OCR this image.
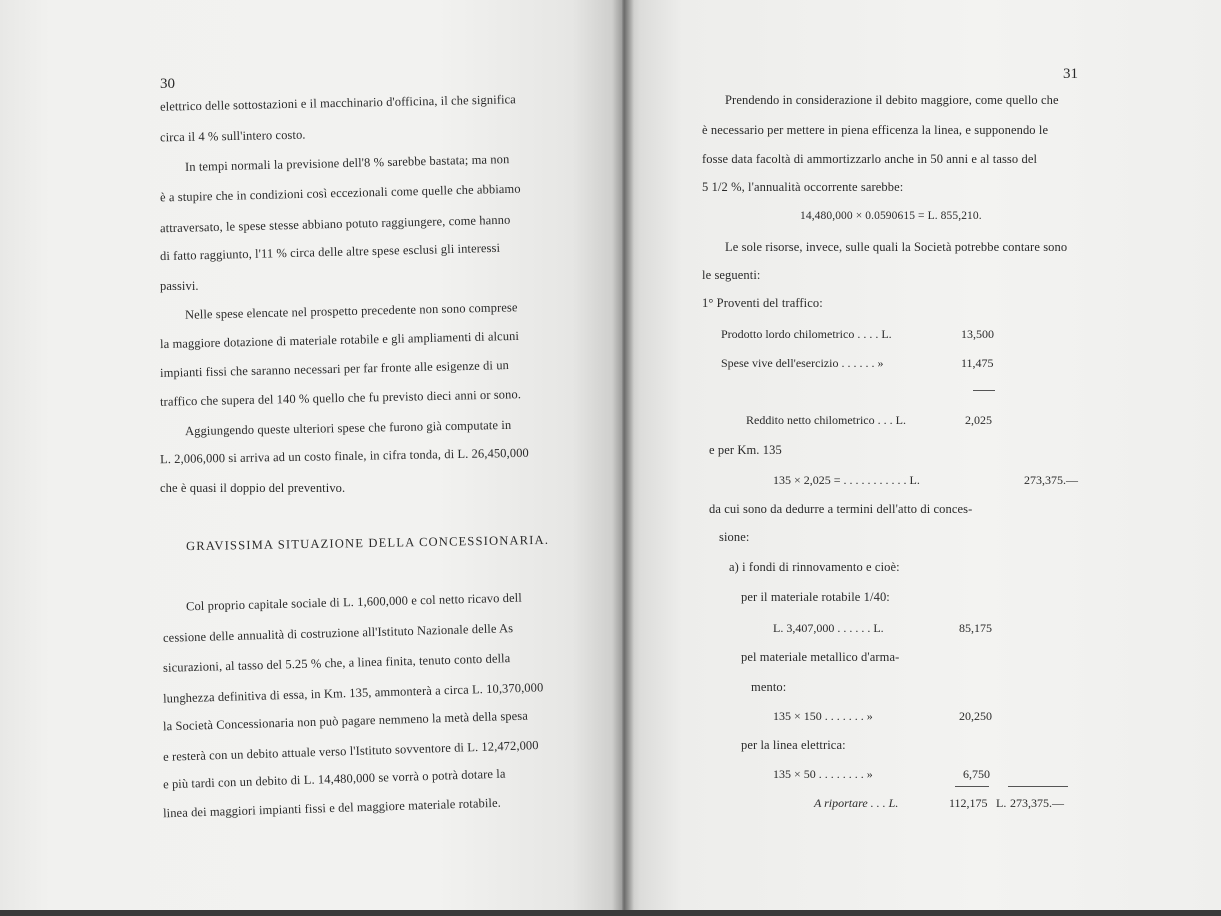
30
elettrico delle sottostazioni e il macchinario d'officina, il che significa
circa il 4 % sull'intero costo.
In tempi normali la previsione dell'8 % sarebbe bastata; ma non
è a stupire che in condizioni così eccezionali come quelle che abbiamo
attraversato, le spese stesse abbiano potuto raggiungere, come hanno
di fatto raggiunto, l'11 % circa delle altre spese esclusi gli interessi
passivi.
Nelle spese elencate nel prospetto precedente non sono comprese
la maggiore dotazione di materiale rotabile e gli ampliamenti di alcuni
impianti fissi che saranno necessari per far fronte alle esigenze di un
traffico che supera del 140 % quello che fu previsto dieci anni or sono.
Aggiungendo queste ulteriori spese che furono già computate in
L. 2,006,000 si arriva ad un costo finale, in cifra tonda, di L. 26,450,000
che è quasi il doppio del preventivo.
GRAVISSIMA SITUAZIONE DELLA CONCESSIONARIA.
Col proprio capitale sociale di L. 1,600,000 e col netto ricavo dell
cessione delle annualità di costruzione all'Istituto Nazionale delle As
sicurazioni, al tasso del 5.25 % che, a linea finita, tenuto conto della
lunghezza definitiva di essa, in Km. 135, ammonterà a circa L. 10,370,000
la Società Concessionaria non può pagare nemmeno la metà della spesa
e resterà con un debito attuale verso l'Istituto sovventore di L. 12,472,000
e più tardi con un debito di L. 14,480,000 se vorrà o potrà dotare la
linea dei maggiori impianti fissi e del maggiore materiale rotabile.
31
Prendendo in considerazione il debito maggiore, come quello che
è necessario per mettere in piena efficenza la linea, e supponendo le
fosse data facoltà di ammortizzarlo anche in 50 anni e al tasso del
5 1/2 %, l'annualità occorrente sarebbe:
14,480,000 × 0.0590615 = L. 855,210.
Le sole risorse, invece, sulle quali la Società potrebbe contare sono
le seguenti:
1° Proventi del traffico:
Prodotto lordo chilometrico . . . . L.	13,500
Spese vive dell'esercizio . . . . . . »	11,475
Reddito netto chilometrico . . . L.	2,025
e per Km. 135
135 × 2,025 = . . . . . . . . . . . L.	273,375.—
da cui sono da dedurre a termini dell'atto di conces-
sione:
a) i fondi di rinnovamento e cioè:
per il materiale rotabile 1/40:
L. 3,407,000 . . . . . . L.	85,175
pel materiale metallico d'arma-
mento:
135 × 150 . . . . . . . »	20,250
per la linea elettrica:
135 × 50 . . . . . . . . »	6,750
A riportare . . . L.	112,175 L. 273,375.—
